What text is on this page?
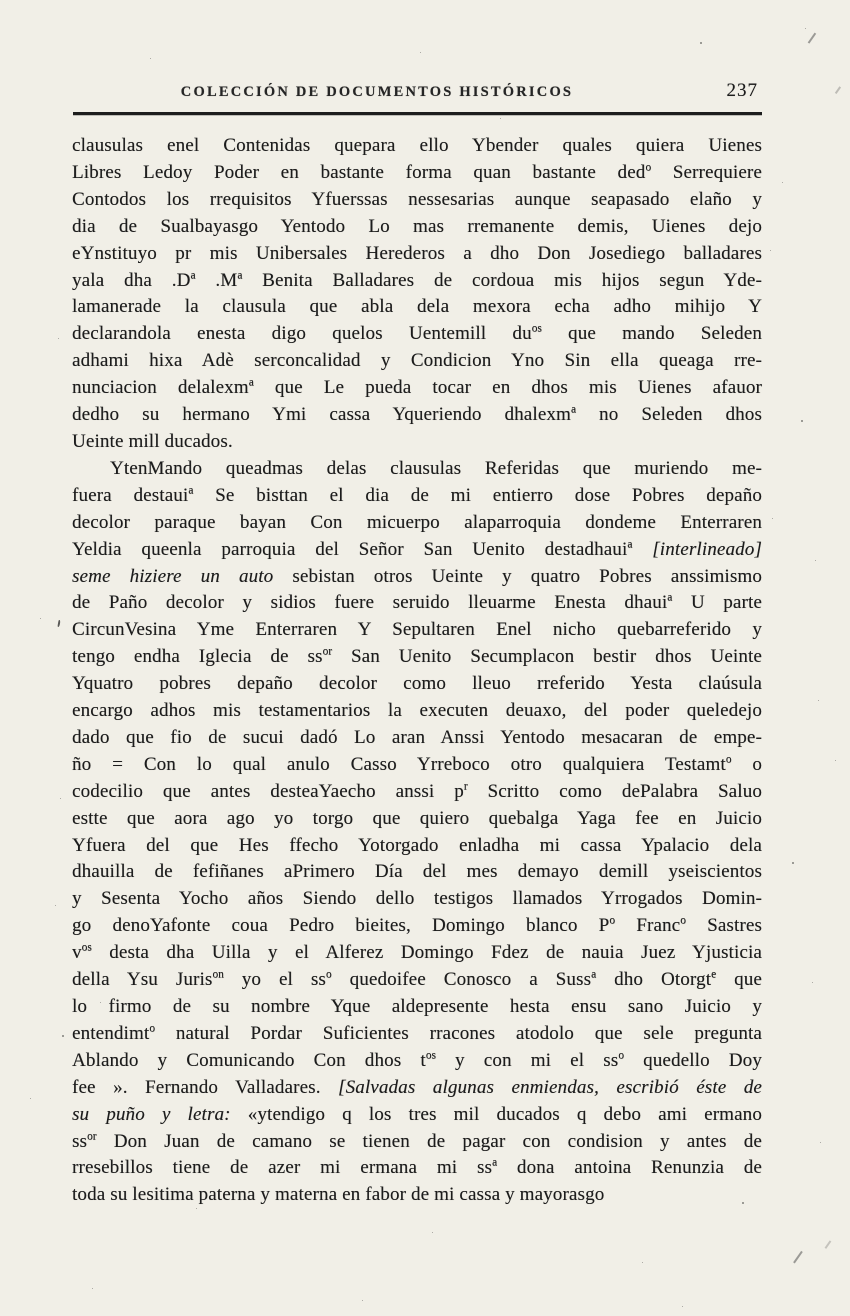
COLECCIÓN DE DOCUMENTOS HISTÓRICOS	237
clausulas enel Contenidas quepara ello Ybender quales quiera Uienes
Libres Ledoy Poder en bastante forma quan bastante ded$^o$ Serrequiere
Contodos los rrequisitos Yfuerssas nessesarias aunque seapasado elaño y
dia de Sualbayasgo Yentodo Lo mas rremanente demis, Uienes dejo
eYnstituyo pr mis Unibersales Herederos a dho Don Josediego balladares
yala dha $.D^a$ $.M^a$ Benita Balladares de cordoua mis hijos segun Yde-
lamanerade la clausula que abla dela mexora echa adho mihijo Y
declarandola enesta digo quelos Uentemill $du^{os}$ que mando Seleden
adhami hixa Adè serconcalidad y Condicion Yno Sin ella queaga rre-
nunciacion delalexm$^a$ que Le pueda tocar en dhos mis Uienes afauor
dedho su hermano Ymi cassa Yqueriendo dhalexm$^a$ no Seleden dhos
Ueinte mill ducados.
YtenMando queadmas delas clausulas Referidas que muriendo me-
fuera destaui$^a$ Se bisttan el dia de mi entierro dose Pobres depaño
decolor paraque bayan Con micuerpo alaparroquia dondeme Enterraren
Yeldia queenla parroquia del Señor San Uenito destadhaui$^a$ [interlineado]
seme hiziere un auto sebistan otros Ueinte y quatro Pobres anssimismo
de Paño decolor y sidios fuere seruido lleuarme Enesta dhaui$^a$ U parte
CircunVesina Yme Enterraren Y Sepultaren Enel nicho quebarreferido y
tengo endha Iglecia de $ss^{or}$ San Uenito Secumplacon bestir dhos Ueinte
Yquatro pobres depaño decolor como lleuo rreferido Yesta claúsula
encargo adhos mis testamentarios la executen deuaxo, del poder queledejo
dado que fio de sucui dadó Lo aran Anssi Yentodo mesacaran de empe-
ño = Con lo qual anulo Casso Yrreboco otro qualquiera Testamt$^o$ o
codecilio que antes desteaYaecho anssi $p^r$ Scritto como dePalabra Saluo
estte que aora ago yo torgo que quiero quebalga Yaga fee en Juicio
Yfuera del que Hes ffecho Yotorgado enladha mi cassa Ypalacio dela
dhauilla de fefiñanes aPrimero Día del mes demayo demill yseiscientos
y Sesenta Yocho años Siendo dello testigos llamados Yrrogados Domin-
go denoYafonte coua Pedro bieites, Domingo blanco $P^o$ Franc$^o$ Sastres
$v^{os}$ desta dha Uilla y el Alferez Domingo Fdez de nauia Juez Yjusticia
della Ysu Juris$^{on}$ yo el $ss^o$ quedoifee Conosco a Suss$^a$ dho Otorgt$^e$ que
lo firmo de su nombre Yque aldepresente hesta ensu sano Juicio y
entendimt$^o$ natural Pordar Suficientes rracones atodolo que sele pregunta
Ablando y Comunicando Con dhos $t^{os}$ y con mi el $ss^o$ quedello Doy
fee ». Fernando Valladares. [Salvadas algunas enmiendas, escribió éste de
su puño y letra: «ytendigo q los tres mil ducados q debo ami ermano
$ss^{or}$ Don Juan de camano se tienen de pagar con condision y antes de
rresebillos tiene de azer mi ermana mi $ss^a$ dona antoina Renunzia de
toda su lesitima paterna y materna en fabor de mi cassa y mayorasgo
